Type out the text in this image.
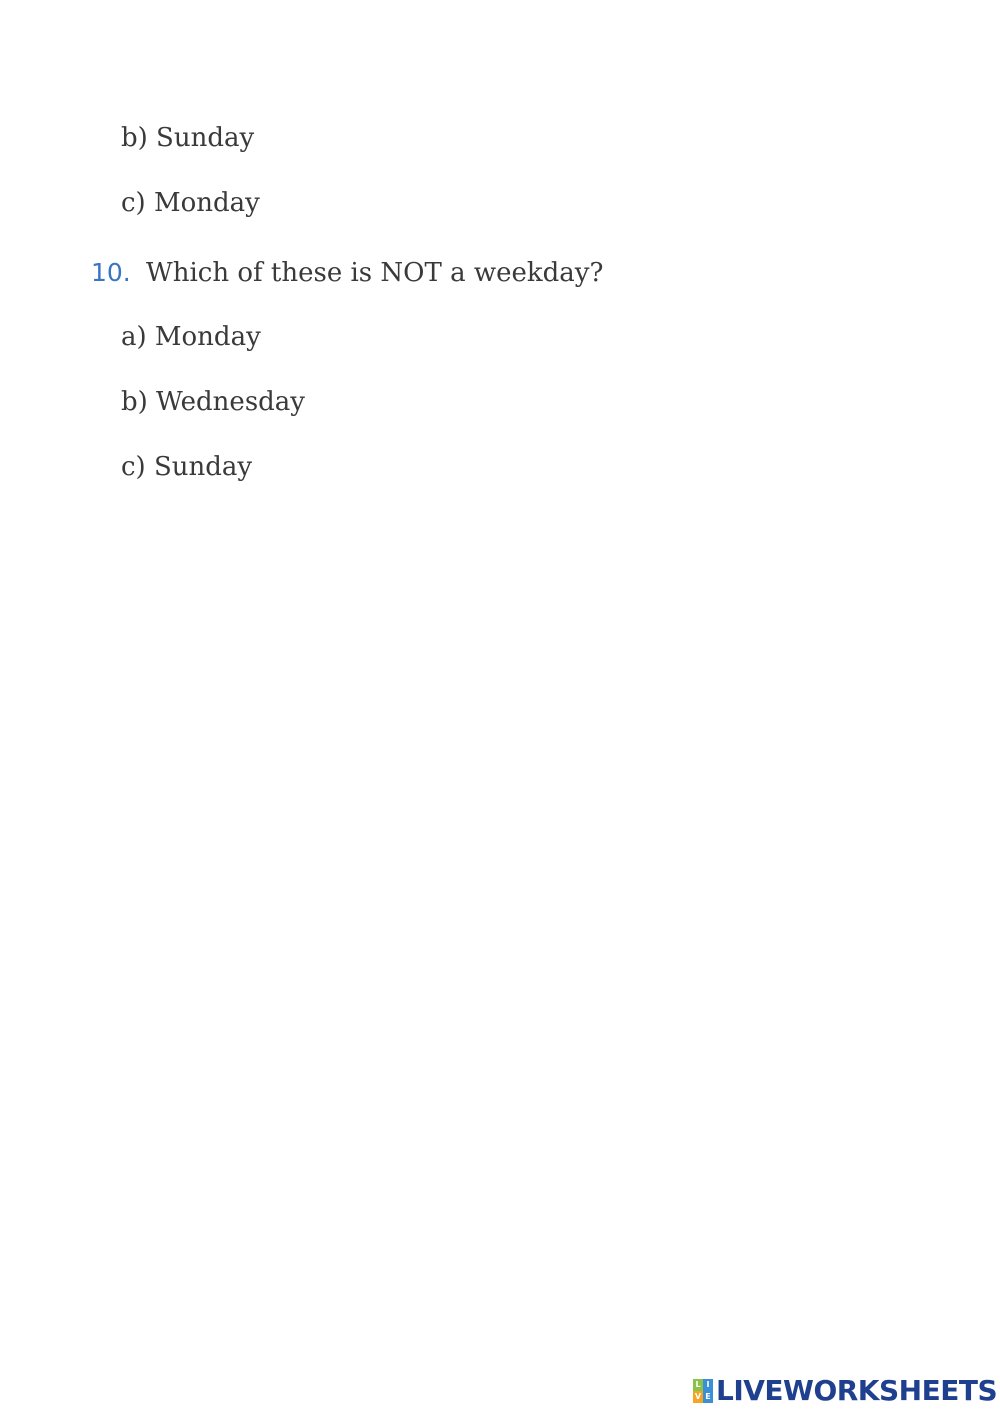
b) Sunday
c) Monday
10. Which of these is NOT a weekday?
a) Monday
b) Wednesday
c) Sunday
L I
V E LIVEWORKSHEETS
